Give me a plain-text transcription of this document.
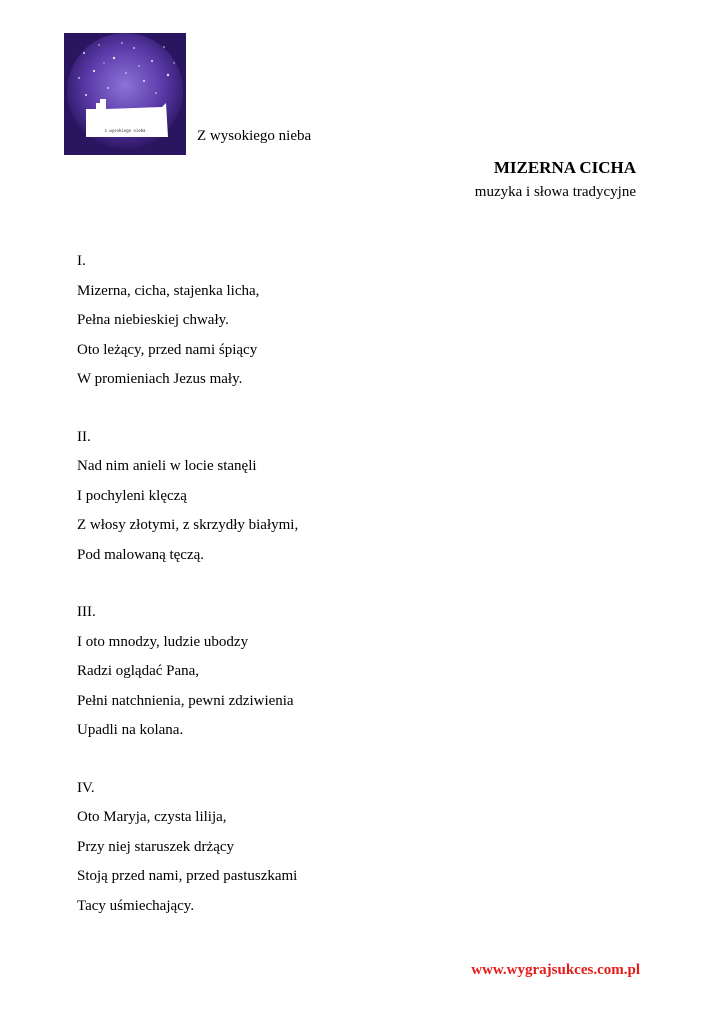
z wysokiego nieba	Z wysokiego nieba
MIZERNA CICHA
muzyka i słowa tradycyjne
I.
Mizerna, cicha, stajenka licha,
Pełna niebieskiej chwały.
Oto leżący, przed nami śpiący
W promieniach Jezus mały.
II.
Nad nim anieli w locie stanęli
I pochyleni klęczą
Z włosy złotymi, z skrzydły białymi,
Pod malowaną tęczą.
III.
I oto mnodzy, ludzie ubodzy
Radzi oglądać Pana,
Pełni natchnienia, pewni zdziwienia
Upadli na kolana.
IV.
Oto Maryja, czysta lilija,
Przy niej staruszek drżący
Stoją przed nami, przed pastuszkami
Tacy uśmiechający.
www.wygrajsukces.com.pl
